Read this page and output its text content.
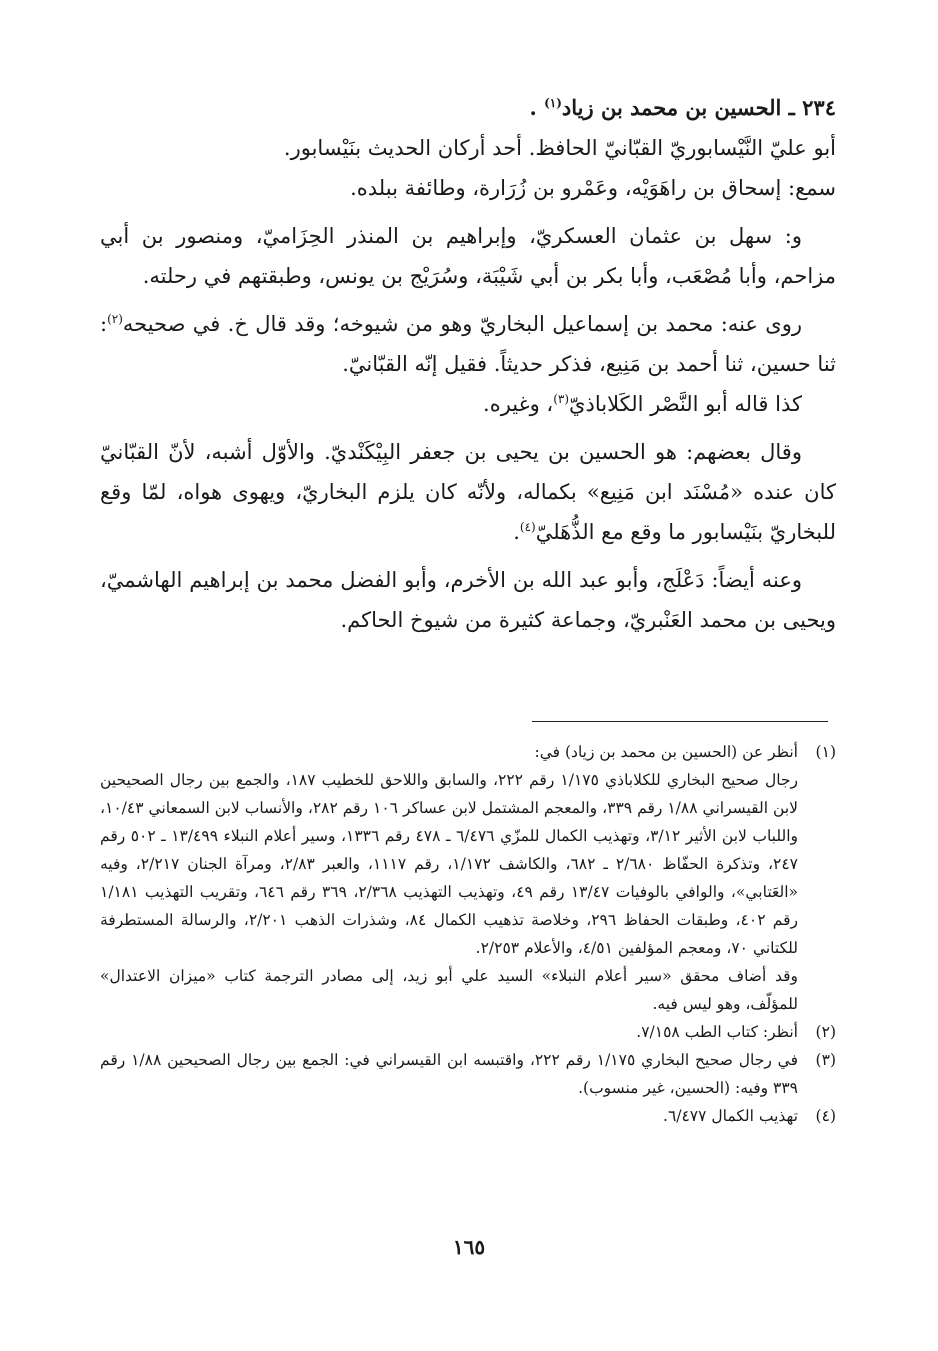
٢٣٤ ـ الحسين بن محمد بن زياد$^{(١)}$ .

أبو عليّ النَّيْسابوريّ القبّانيّ الحافظ. أحد أركان الحديث بنَيْسابور.

سمع: إسحاق بن راهَوَيْه، وعَمْرو بن زُرَارة، وطائفة ببلده.

و: سهل بن عثمان العسكريّ، وإبراهيم بن المنذر الحِزَاميّ، ومنصور بن أبي مزاحم، وأبا مُصْعَب، وأبا بكر بن أبي شَيْبَة، وسُرَيْج بن يونس، وطبقتهم في رحلته.

روى عنه: محمد بن إسماعيل البخاريّ وهو من شيوخه؛ وقد قال خ. في صحيحه$^{(٢)}$: ثنا حسين، ثنا أحمد بن مَنِيع، فذكر حديثاً. فقيل إنّه القبّانيّ.

كذا قاله أبو النَّصْر الكَلاباذيّ$^{(٣)}$، وغيره.

وقال بعضهم: هو الحسين بن يحيى بن جعفر البِيْكَنْديّ. والأوّل أشبه، لأنّ القبّانيّ كان عنده «مُسْنَد ابن مَنِيع» بكماله، ولأنّه كان يلزم البخاريّ، ويهوى هواه، لمّا وقع للبخاريّ بنَيْسابور ما وقع مع الذُّهَليّ$^{(٤)}$.

وعنه أيضاً: دَعْلَج، وأبو عبد الله بن الأخرم، وأبو الفضل محمد بن إبراهيم الهاشميّ، ويحيى بن محمد العَنْبريّ، وجماعة كثيرة من شيوخ الحاكم.

(١)
أنظر عن (الحسين بن محمد بن زياد) في:
رجال صحيح البخاري للكلاباذي ١/١٧٥ رقم ٢٢٢، والسابق واللاحق للخطيب ١٨٧، والجمع بين رجال الصحيحين لابن القيسراني ١/٨٨ رقم ٣٣٩، والمعجم المشتمل لابن عساكر ١٠٦ رقم ٢٨٢، والأنساب لابن السمعاني ١٠/٤٣، واللباب لابن الأثير ٣/١٢، وتهذيب الكمال للمزّي ٦/٤٧٦ ـ ٤٧٨ رقم ١٣٣٦، وسير أعلام النبلاء ١٣/٤٩٩ ـ ٥٠٢ رقم ٢٤٧، وتذكرة الحفّاظ ٢/٦٨٠ ـ ٦٨٢، والكاشف ١/١٧٢، رقم ١١١٧، والعبر ٢/٨٣، ومرآة الجنان ٢/٢١٧، وفيه «العَتابي»، والوافي بالوفيات ١٣/٤٧ رقم ٤٩، وتهذيب التهذيب ٢/٣٦٨، ٣٦٩ رقم ٦٤٦، وتقريب التهذيب ١/١٨١ رقم ٤٠٢، وطبقات الحفاظ ٢٩٦، وخلاصة تذهيب الكمال ٨٤، وشذرات الذهب ٢/٢٠١، والرسالة المستطرفة للكتاني ٧٠، ومعجم المؤلفين ٤/٥١، والأعلام ٢/٢٥٣.
وقد أضاف محقق «سير أعلام النبلاء» السيد علي أبو زيد، إلى مصادر الترجمة كتاب «ميزان الاعتدال» للمؤلّف، وهو ليس فيه.
(٢)
أنظر: كتاب الطب ٧/١٥٨.
(٣)
في رجال صحيح البخاري ١/١٧٥ رقم ٢٢٢، واقتبسه ابن القيسراني في: الجمع بين رجال الصحيحين ١/٨٨ رقم ٣٣٩ وفيه: (الحسين، غير منسوب).
(٤)
تهذيب الكمال ٦/٤٧٧.
١٦٥
